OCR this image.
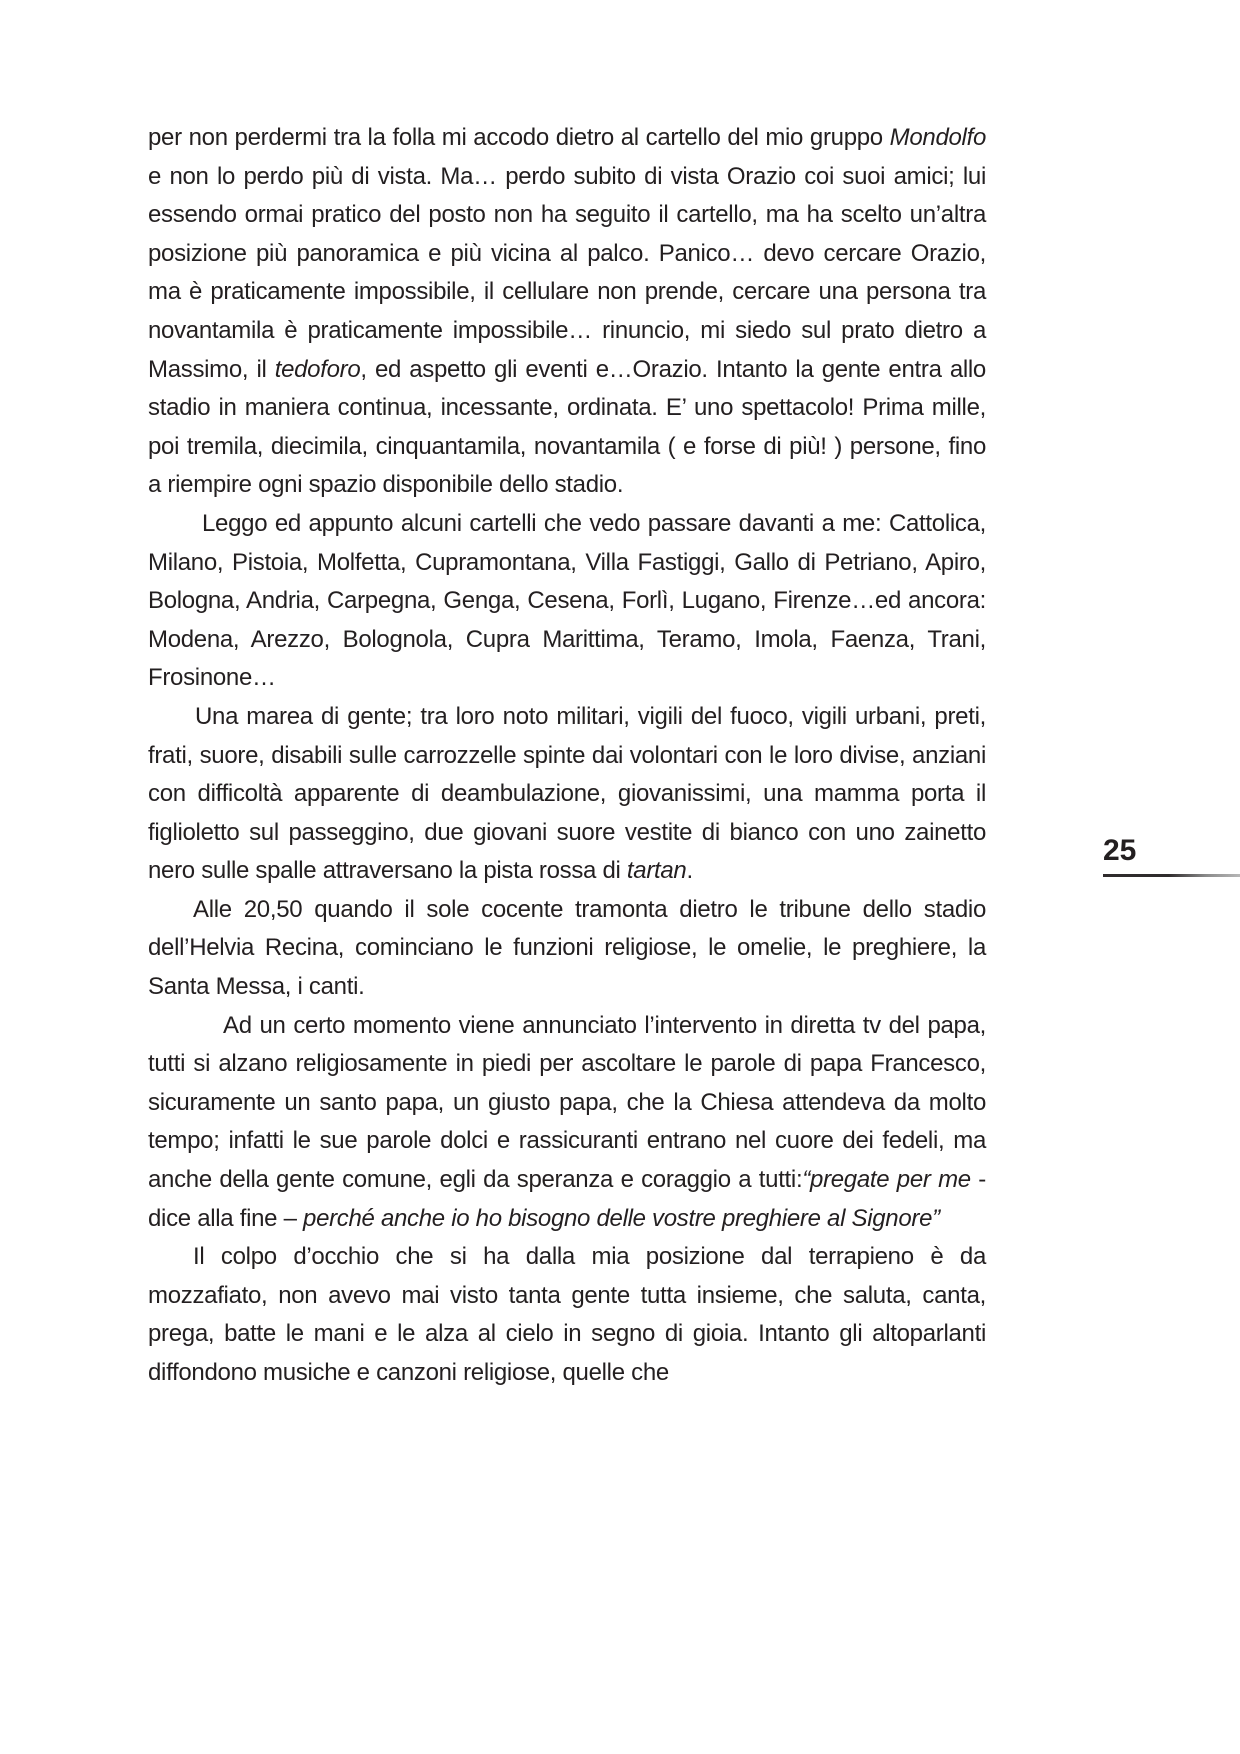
per non perdermi tra la folla mi accodo dietro al cartello del mio gruppo Mondolfo e non lo perdo più di vista. Ma… perdo subito di vista Orazio coi suoi amici; lui essendo ormai pratico del posto non ha seguito il cartello, ma ha scelto un’altra posizione più panoramica e più vicina al palco. Panico… devo cercare Orazio, ma è praticamente impossibile, il cellulare non prende, cercare una persona tra novantamila è praticamente impossibile… rinuncio, mi siedo sul prato dietro a Massimo, il tedoforo, ed aspetto gli eventi e…Orazio. Intanto la gente entra allo stadio in maniera continua, incessante, ordinata. E’ uno spettacolo! Prima mille, poi tremila, diecimila, cinquantamila, novantamila ( e forse di più! ) persone, fino a riempire ogni spazio disponibile dello stadio.

Leggo ed appunto alcuni cartelli che vedo passare davanti a me: Cattolica, Milano, Pistoia, Molfetta, Cupramontana, Villa Fastiggi, Gallo di Petriano, Apiro, Bologna, Andria, Carpegna, Genga, Cesena, Forlì, Lugano, Firenze…ed ancora: Modena, Arezzo, Bolognola, Cupra Marittima, Teramo, Imola, Faenza, Trani, Frosinone…

Una marea di gente; tra loro noto militari, vigili del fuoco, vigili urbani, preti, frati, suore, disabili sulle carrozzelle spinte dai volontari con le loro divise, anziani con difficoltà apparente di deambulazione, giovanissimi, una mamma porta il figlioletto sul passeggino, due giovani suore vestite di bianco con uno zainetto nero sulle spalle attraversano la pista rossa di tartan.

Alle 20,50 quando il sole cocente tramonta dietro le tribune dello stadio dell’Helvia Recina, cominciano le funzioni religiose, le omelie, le preghiere, la Santa Messa, i canti.

Ad un certo momento viene annunciato l’intervento in diretta tv del papa, tutti si alzano religiosamente in piedi per ascoltare le parole di papa Francesco, sicuramente un santo papa, un giusto papa, che la Chiesa attendeva da molto tempo; infatti le sue parole dolci e rassicuranti entrano nel cuore dei fedeli, ma anche della gente comune, egli da speranza e coraggio a tutti:“pregate per me - dice alla fine – perché anche io ho bisogno delle vostre preghiere al Signore”

Il colpo d’occhio che si ha dalla mia posizione dal terrapieno è da mozzafiato, non avevo mai visto tanta gente tutta insieme, che saluta, canta, prega, batte le mani e le alza al cielo in segno di gioia. Intanto gli altoparlanti diffondono musiche e canzoni religiose, quelle che

25
